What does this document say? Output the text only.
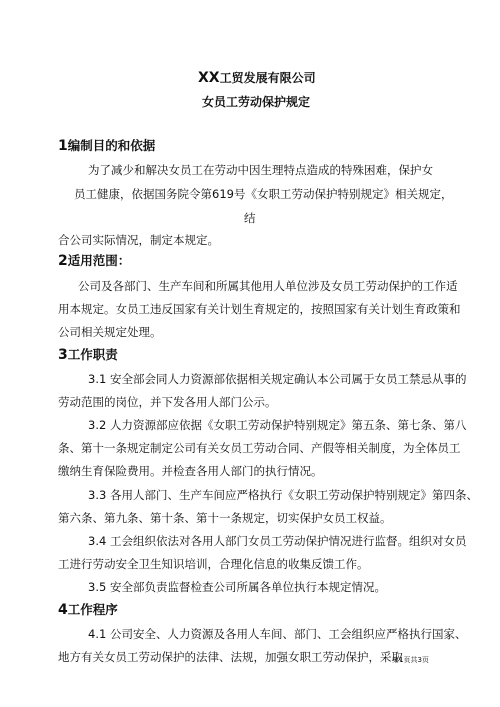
XX工贸发展有限公司
女员工劳动保护规定
1编制目的和依据
为了减少和解决女员工在劳动中因生理特点造成的特殊困难，保护女
员工健康，依据国务院令第619号《女职工劳动保护特别规定》相关规定，
结
合公司实际情况，制定本规定。
2适用范围：
公司及各部门、生产车间和所属其他用人单位涉及女员工劳动保护的工作适
用本规定。女员工违反国家有关计划生育规定的，按照国家有关计划生育政策和
公司相关规定处理。
3工作职责
3.1 安全部会同人力资源部依据相关规定确认本公司属于女员工禁忌从事的
劳动范围的岗位，并下发各用人部门公示。
3.2 人力资源部应依据《女职工劳动保护特别规定》第五条、第七条、第八
条、第十一条规定制定公司有关女员工劳动合同、产假等相关制度，为全体员工
缴纳生育保险费用。并检查各用人部门的执行情况。
3.3 各用人部门、生产车间应严格执行《女职工劳动保护特别规定》第四条、
第六条、第九条、第十条、第十一条规定，切实保护女员工权益。
3.4 工会组织依法对各用人部门女员工劳动保护情况进行监督。组织对女员
工进行劳动安全卫生知识培训，合理化信息的收集反馈工作。
3.5 安全部负责监督检查公司所属各单位执行本规定情况。
4工作程序
4.1 公司安全、人力资源及各用人车间、部门、工会组织应严格执行国家、
地方有关女员工劳动保护的法律、法规，加强女职工劳动保护，采取
第1页共3页
